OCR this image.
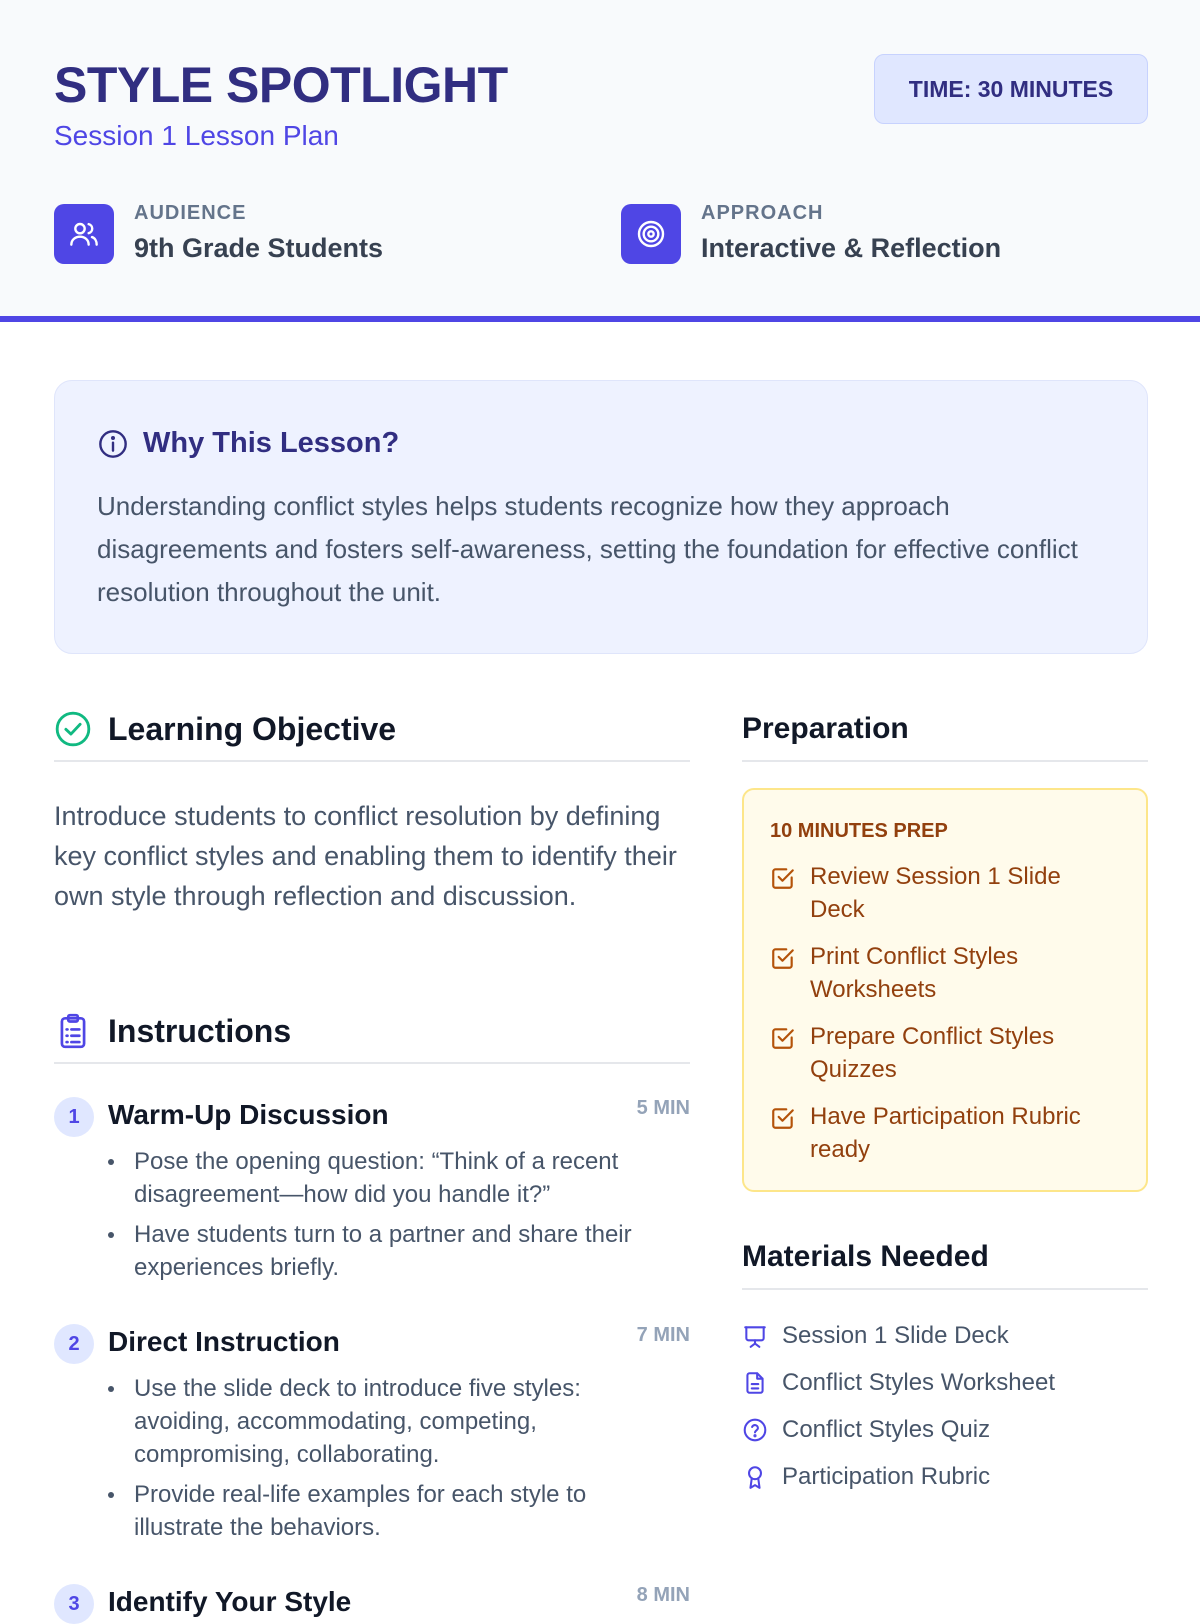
STYLE SPOTLIGHT
Session 1 Lesson Plan
TIME: 30 MINUTES
AUDIENCE
9th Grade Students
APPROACH
Interactive & Reflection
Why This Lesson?
Understanding conflict styles helps students recognize how they approach disagreements and fosters self-awareness, setting the foundation for effective conflict resolution throughout the unit.
Learning Objective
Introduce students to conflict resolution by defining key conflict styles and enabling them to identify their own style through reflection and discussion.
Instructions
1	Warm-Up Discussion	5 MIN
Pose the opening question: “Think of a recent disagreement—how did you handle it?”
Have students turn to a partner and share their experiences briefly.
2	Direct Instruction	7 MIN
Use the slide deck to introduce five styles: avoiding, accommodating, competing, compromising, collaborating.
Provide real-life examples for each style to illustrate the behaviors.
3	Identify Your Style	8 MIN
Preparation
10 MINUTES PREP
Review Session 1 Slide Deck
Print Conflict Styles Worksheets
Prepare Conflict Styles Quizzes
Have Participation Rubric ready
Materials Needed
Session 1 Slide Deck
Conflict Styles Worksheet
Conflict Styles Quiz
Participation Rubric
